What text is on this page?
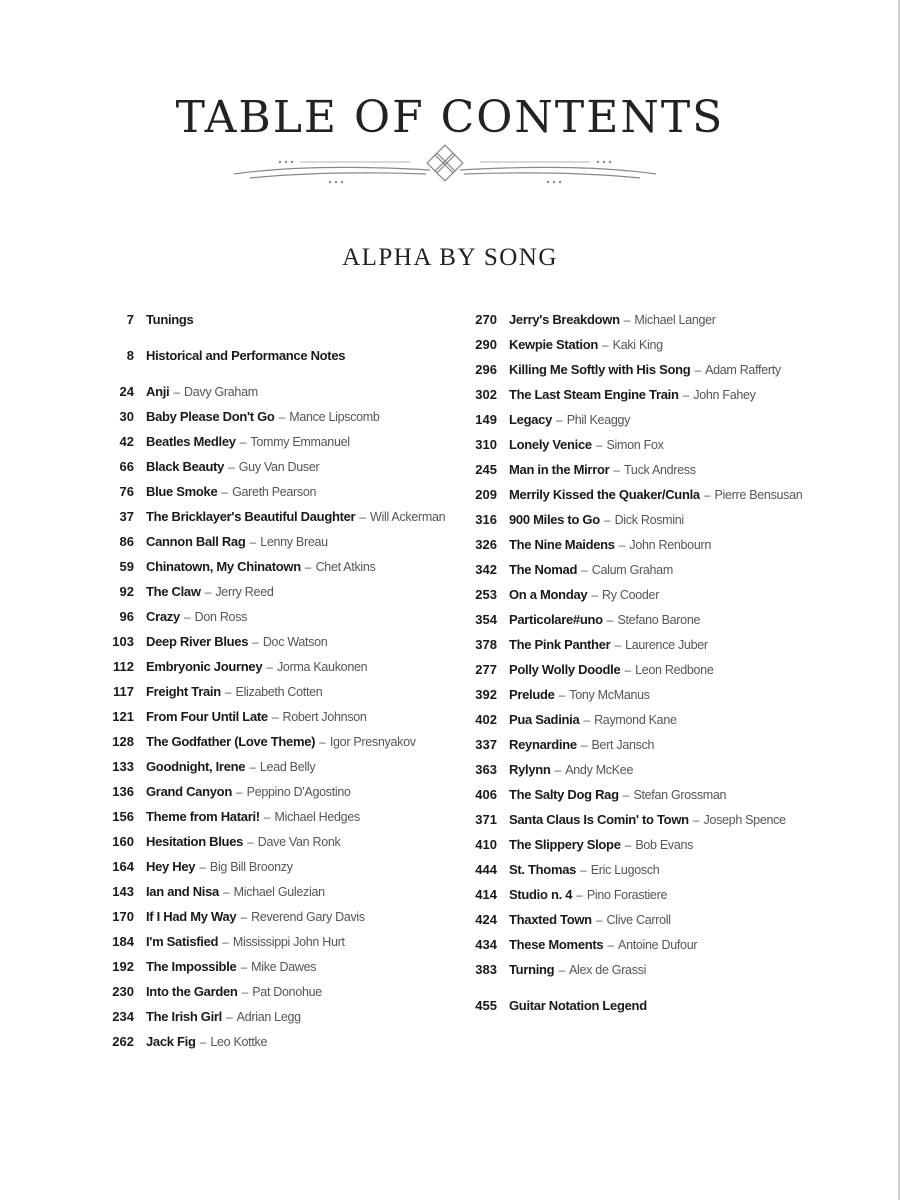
TABLE OF CONTENTS
ALPHA BY SONG
7 Tunings
8 Historical and Performance Notes
24 Anji – Davy Graham
30 Baby Please Don't Go – Mance Lipscomb
42 Beatles Medley – Tommy Emmanuel
66 Black Beauty – Guy Van Duser
76 Blue Smoke – Gareth Pearson
37 The Bricklayer's Beautiful Daughter – Will Ackerman
86 Cannon Ball Rag – Lenny Breau
59 Chinatown, My Chinatown – Chet Atkins
92 The Claw – Jerry Reed
96 Crazy – Don Ross
103 Deep River Blues – Doc Watson
112 Embryonic Journey – Jorma Kaukonen
117 Freight Train – Elizabeth Cotten
121 From Four Until Late – Robert Johnson
128 The Godfather (Love Theme) – Igor Presnyakov
133 Goodnight, Irene – Lead Belly
136 Grand Canyon – Peppino D'Agostino
156 Theme from Hatari! – Michael Hedges
160 Hesitation Blues – Dave Van Ronk
164 Hey Hey – Big Bill Broonzy
143 Ian and Nisa – Michael Gulezian
170 If I Had My Way – Reverend Gary Davis
184 I'm Satisfied – Mississippi John Hurt
192 The Impossible – Mike Dawes
230 Into the Garden – Pat Donohue
234 The Irish Girl – Adrian Legg
262 Jack Fig – Leo Kottke
270 Jerry's Breakdown – Michael Langer
290 Kewpie Station – Kaki King
296 Killing Me Softly with His Song – Adam Rafferty
302 The Last Steam Engine Train – John Fahey
149 Legacy – Phil Keaggy
310 Lonely Venice – Simon Fox
245 Man in the Mirror – Tuck Andress
209 Merrily Kissed the Quaker/Cunla – Pierre Bensusan
316 900 Miles to Go – Dick Rosmini
326 The Nine Maidens – John Renbourn
342 The Nomad – Calum Graham
253 On a Monday – Ry Cooder
354 Particolare#uno – Stefano Barone
378 The Pink Panther – Laurence Juber
277 Polly Wolly Doodle – Leon Redbone
392 Prelude – Tony McManus
402 Pua Sadinia – Raymond Kane
337 Reynardine – Bert Jansch
363 Rylynn – Andy McKee
406 The Salty Dog Rag – Stefan Grossman
371 Santa Claus Is Comin' to Town – Joseph Spence
410 The Slippery Slope – Bob Evans
444 St. Thomas – Eric Lugosch
414 Studio n. 4 – Pino Forastiere
424 Thaxted Town – Clive Carroll
434 These Moments – Antoine Dufour
383 Turning – Alex de Grassi
455 Guitar Notation Legend
